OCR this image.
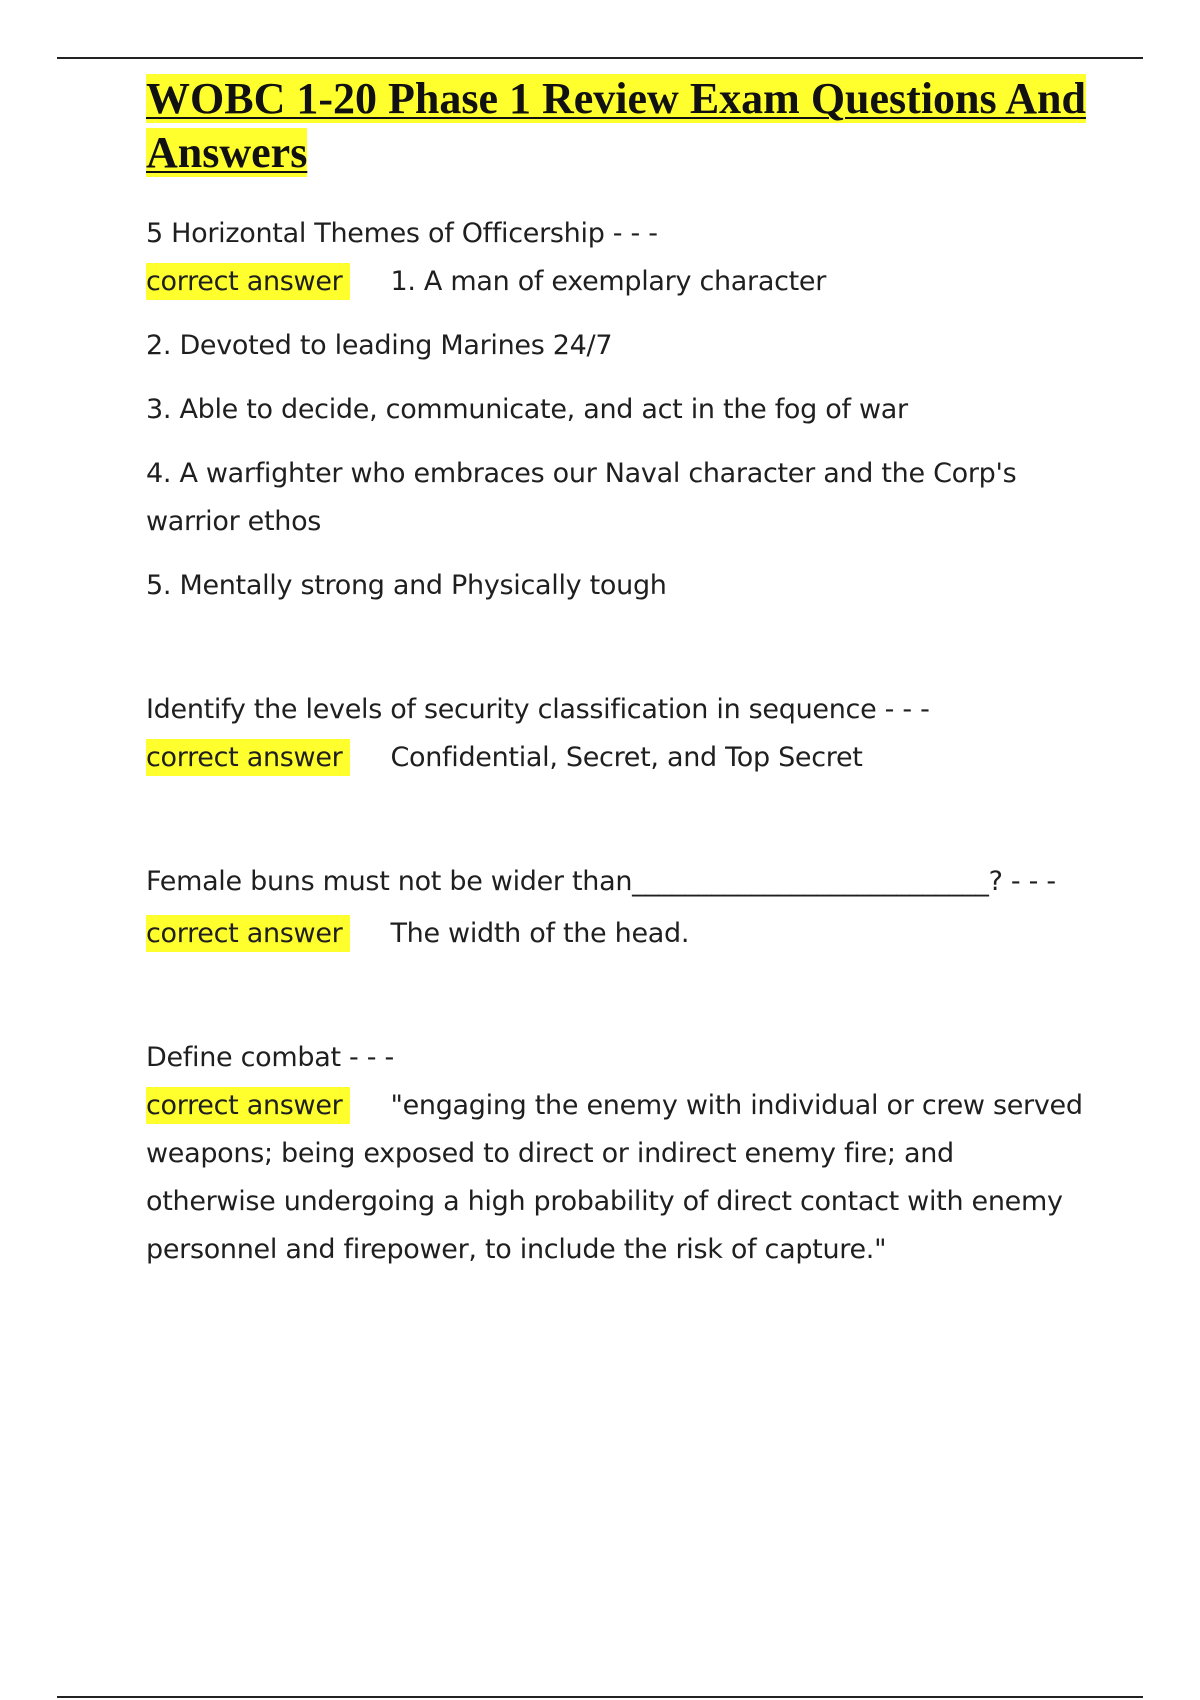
WOBC 1-20 Phase 1 Review Exam Questions And Answers

5 Horizontal Themes of Officership - - -

correct answer 1. A man of exemplary character

2. Devoted to leading Marines 24/7

3. Able to decide, communicate, and act in the fog of war

4. A warfighter who embraces our Naval character and the Corp's warrior ethos

5. Mentally strong and Physically tough

Identify the levels of security classification in sequence - - -

correct answer Confidential, Secret, and Top Secret

Female buns must not be wider than___________________________? - - -

correct answer The width of the head.

Define combat - - -

correct answer "engaging the enemy with individual or crew served weapons; being exposed to direct or indirect enemy fire; and otherwise undergoing a high probability of direct contact with enemy personnel and firepower, to include the risk of capture."
